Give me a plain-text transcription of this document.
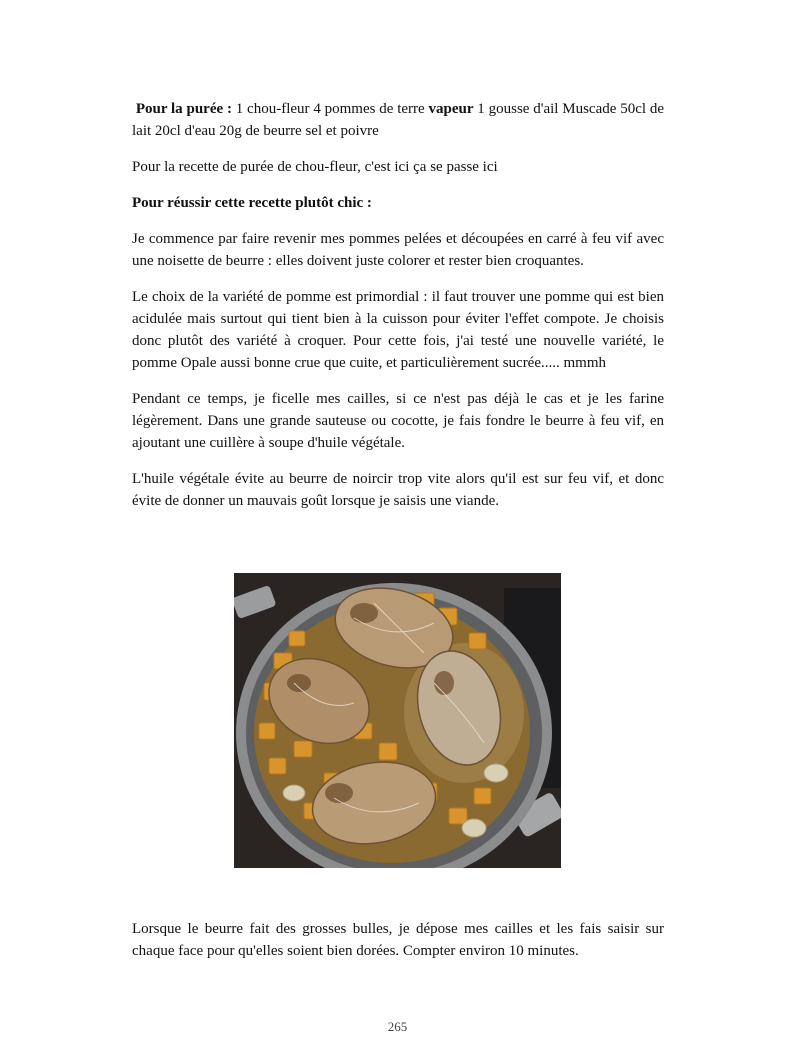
Pour la purée : 1 chou-fleur 4 pommes de terre vapeur 1 gousse d'ail Muscade 50cl de lait 20cl d'eau 20g de beurre sel et poivre

Pour la recette de purée de chou-fleur, c'est ici ça se passe ici

Pour réussir cette recette plutôt chic :

Je commence par faire revenir mes pommes pelées et découpées en carré à feu vif avec une noisette de beurre : elles doivent juste colorer et rester bien croquantes.

Le choix de la variété de pomme est primordial : il faut trouver une pomme qui est bien acidulée mais surtout qui tient bien à la cuisson pour éviter l'effet compote. Je choisis donc plutôt des variété à croquer. Pour cette fois, j'ai testé une nouvelle variété, le pomme Opale aussi bonne crue que cuite, et particulièrement sucrée..... mmmh

Pendant ce temps, je ficelle mes cailles, si ce n'est pas déjà le cas et je les farine légèrement. Dans une grande sauteuse ou cocotte, je fais fondre le beurre à feu vif, en ajoutant une cuillère à soupe d'huile végétale.

L'huile végétale évite au beurre de noircir trop vite alors qu'il est sur feu vif, et donc évite de donner un mauvais goût lorsque je saisis une viande.

Lorsque le beurre fait des grosses bulles, je dépose mes cailles et les fais saisir sur chaque face pour qu'elles soient bien dorées. Compter environ 10 minutes.

265
